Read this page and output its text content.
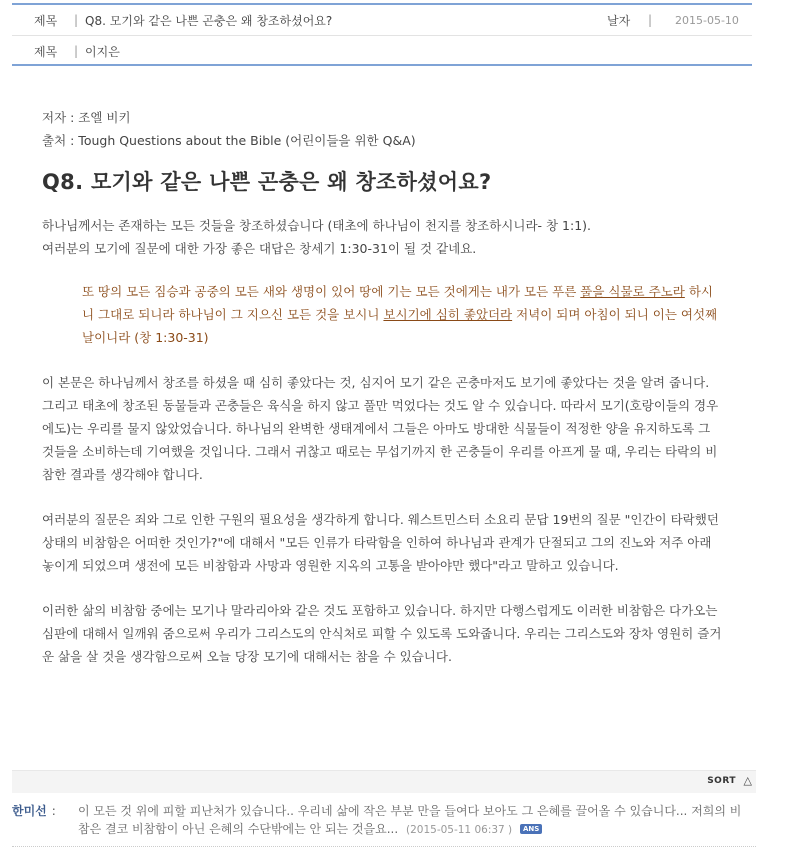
제목	| Q8. 모기와 같은 나쁜 곤충은 왜 창조하셨어요?	날자 | 2015-05-10
제목	| 이지은
저자 : 조엘 비키
출처 : Tough Questions about the Bible (어린이들을 위한 Q&A)
Q8. 모기와 같은 나쁜 곤충은 왜 창조하셨어요?

하나님께서는 존재하는 모든 것들을 창조하셨습니다 (태초에 하나님이 천지를 창조하시니라- 창 1:1).
여러분의 모기에 질문에 대한 가장 좋은 대답은 창세기 1:30-31이 될 것 같네요.

또 땅의 모든 짐승과 공중의 모든 새와 생명이 있어 땅에 기는 모든 것에게는 내가 모든 푸른 풀을 식물로 주노라 하시니 그대로 되니라 하나님이 그 지으신 모든 것을 보시니 보시기에 심히 좋았더라 저녁이 되며 아침이 되니 이는 여섯째 날이니라 (창 1:30-31)

이 본문은 하나님께서 창조를 하셨을 때 심히 좋았다는 것, 심지어 모기 같은 곤충마저도 보기에 좋았다는 것을 알려 줍니다. 그리고 태초에 창조된 동물들과 곤충들은 육식을 하지 않고 풀만 먹었다는 것도 알 수 있습니다. 따라서 모기(호랑이들의 경우에도)는 우리를 물지 않았었습니다. 하나님의 완벽한 생태계에서 그들은 아마도 방대한 식물들이 적정한 양을 유지하도록 그것들을 소비하는데 기여했을 것입니다. 그래서 귀찮고 때로는 무섭기까지 한 곤충들이 우리를 아프게 물 때, 우리는 타락의 비참한 결과를 생각해야 합니다.

여러분의 질문은 죄와 그로 인한 구원의 필요성을 생각하게 합니다. 웨스트민스터 소요리 문답 19번의 질문 "인간이 타락했던 상태의 비참함은 어떠한 것인가?"에 대해서 "모든 인류가 타락함을 인하여 하나님과 관계가 단절되고 그의 진노와 저주 아래 놓이게 되었으며 생전에 모든 비참함과 사망과 영원한 지옥의 고통을 받아야만 했다"라고 말하고 있습니다.

이러한 삶의 비참함 중에는 모기나 말라리아와 같은 것도 포함하고 있습니다. 하지만 다행스럽게도 이러한 비참함은 다가오는 심판에 대해서 일깨워 줌으로써 우리가 그리스도의 안식처로 피할 수 있도록 도와줍니다. 우리는 그리스도와 장차 영원히 즐거운 삶을 살 것을 생각함으로써 오늘 당장 모기에 대해서는 참을 수 있습니다.

SORT △
한미선 : 이 모든 것 위에 피할 피난처가 있습니다.. 우리네 삶에 작은 부분 만을 들여다 보아도 그 은혜를 끌어올 수 있습니다... 저희의 비참은 결코 비참함이 아닌 은혜의 수단밖에는 안 되는 것을요... (2015-05-11 06:37 ) ANS
